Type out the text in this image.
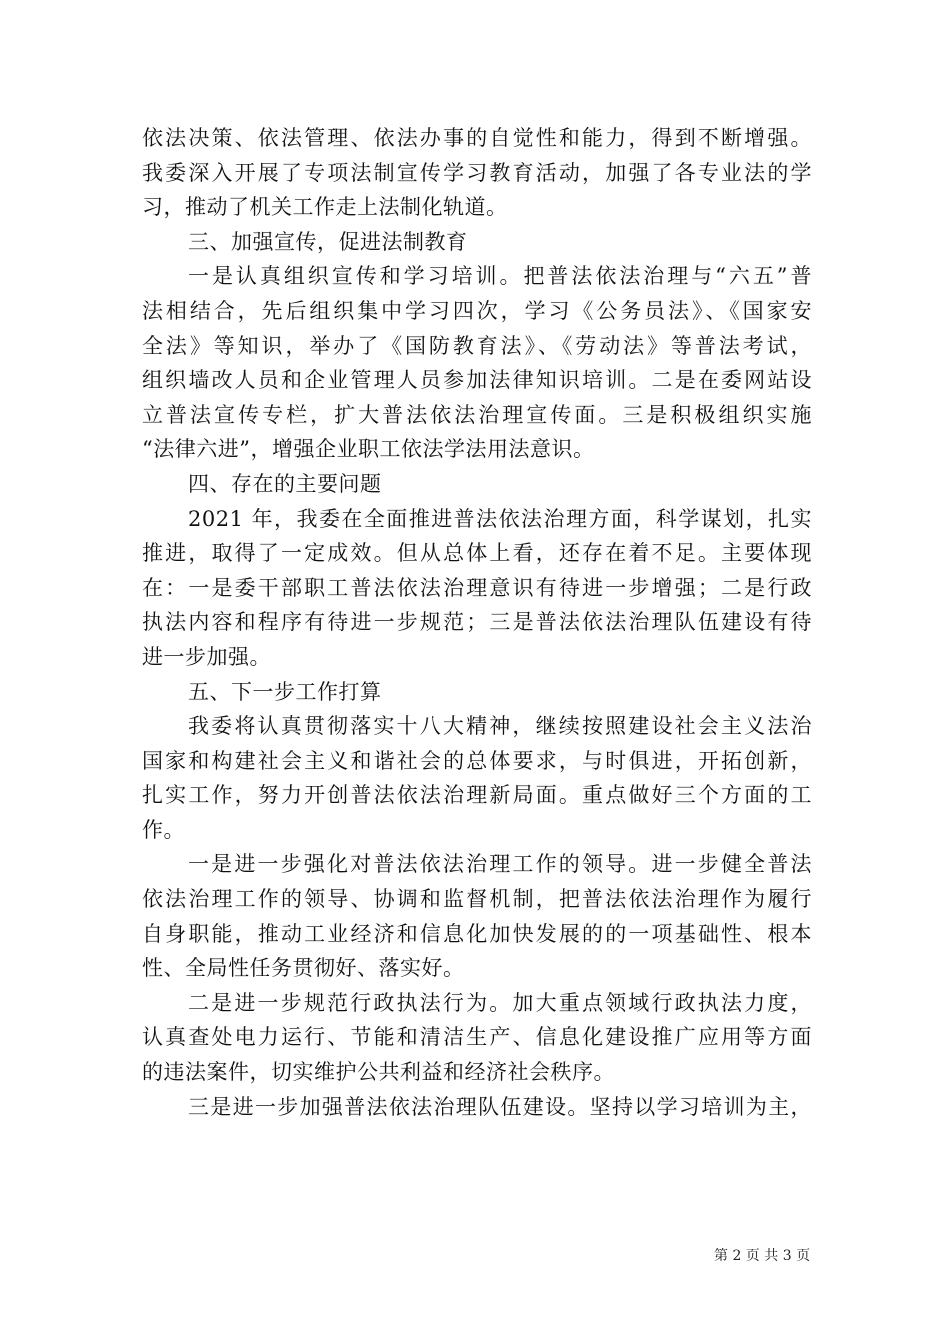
依法决策、依法管理、依法办事的自觉性和能力，得到不断增强。
我委深入开展了专项法制宣传学习教育活动，加强了各专业法的学
习，推动了机关工作走上法制化轨道。
三、加强宣传，促进法制教育
一是认真组织宣传和学习培训。把普法依法治理与“六五”普
法相结合，先后组织集中学习四次，学习《公务员法》、《国家安
全法》等知识，举办了《国防教育法》、《劳动法》等普法考试，
组织墙改人员和企业管理人员参加法律知识培训。二是在委网站设
立普法宣传专栏，扩大普法依法治理宣传面。三是积极组织实施
“法律六进”，增强企业职工依法学法用法意识。
四、存在的主要问题
2021 年，我委在全面推进普法依法治理方面，科学谋划，扎实
推进，取得了一定成效。但从总体上看，还存在着不足。主要体现
在：一是委干部职工普法依法治理意识有待进一步增强；二是行政
执法内容和程序有待进一步规范；三是普法依法治理队伍建设有待
进一步加强。
五、下一步工作打算
我委将认真贯彻落实十八大精神，继续按照建设社会主义法治
国家和构建社会主义和谐社会的总体要求，与时俱进，开拓创新，
扎实工作，努力开创普法依法治理新局面。重点做好三个方面的工
作。
一是进一步强化对普法依法治理工作的领导。进一步健全普法
依法治理工作的领导、协调和监督机制，把普法依法治理作为履行
自身职能，推动工业经济和信息化加快发展的的一项基础性、根本
性、全局性任务贯彻好、落实好。
二是进一步规范行政执法行为。加大重点领域行政执法力度，
认真查处电力运行、节能和清洁生产、信息化建设推广应用等方面
的违法案件，切实维护公共利益和经济社会秩序。
三是进一步加强普法依法治理队伍建设。坚持以学习培训为主，
第 2 页 共 3 页
